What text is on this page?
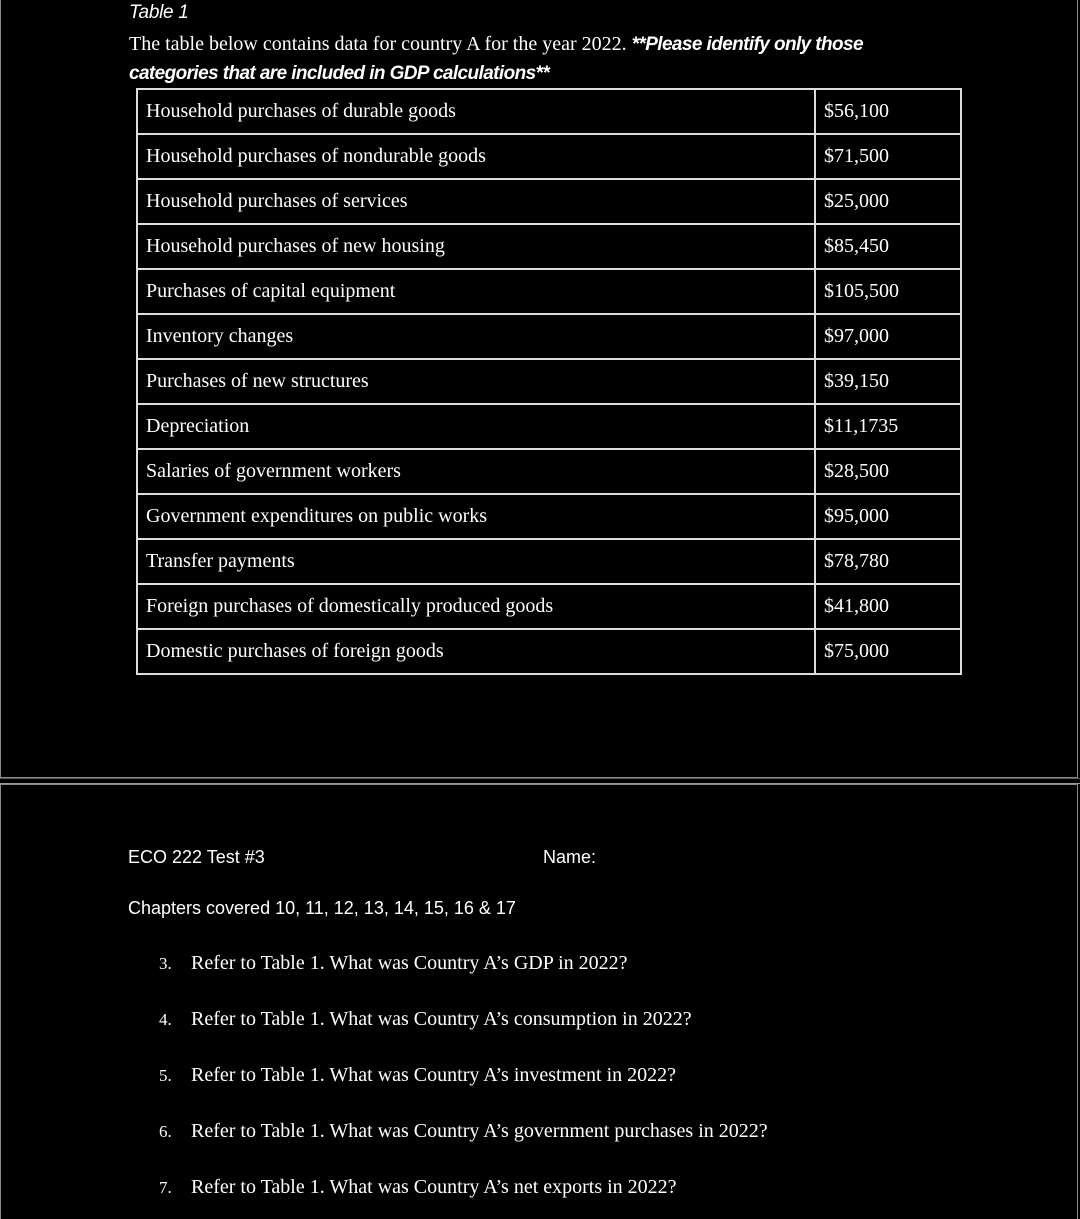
Table 1
The table below contains data for country A for the year 2022. **Please identify only those
categories that are included in GDP calculations**
Household purchases of durable goods	$56,100
Household purchases of nondurable goods	$71,500
Household purchases of services	$25,000
Household purchases of new housing	$85,450
Purchases of capital equipment	$105,500
Inventory changes	$97,000
Purchases of new structures	$39,150
Depreciation	$11,1735
Salaries of government workers	$28,500
Government expenditures on public works	$95,000
Transfer payments	$78,780
Foreign purchases of domestically produced goods	$41,800
Domestic purchases of foreign goods	$75,000
ECO 222 Test #3	Name:
Chapters covered 10, 11, 12, 13, 14, 15, 16 & 17
3. Refer to Table 1. What was Country A’s GDP in 2022?
4. Refer to Table 1. What was Country A’s consumption in 2022?
5. Refer to Table 1. What was Country A’s investment in 2022?
6. Refer to Table 1. What was Country A’s government purchases in 2022?
7. Refer to Table 1. What was Country A’s net exports in 2022?
